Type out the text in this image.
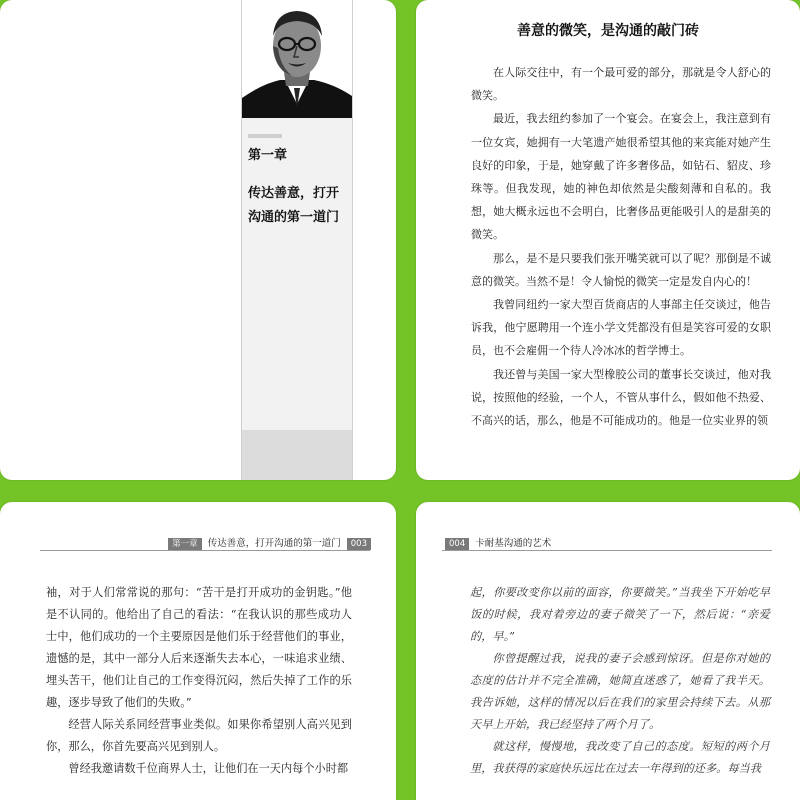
第一章
传达善意，打开沟通的第一道门
善意的微笑，是沟通的敲门砖

在人际交往中，有一个最可爱的部分，那就是令人舒心的微笑。

最近，我去纽约参加了一个宴会。在宴会上，我注意到有一位女宾，她拥有一大笔遗产她很希望其他的来宾能对她产生良好的印象，于是，她穿戴了许多奢侈品，如钻石、貂皮、珍珠等。但我发现，她的神色却依然是尖酸刻薄和自私的。我想，她大概永远也不会明白，比奢侈品更能吸引人的是甜美的微笑。

那么，是不是只要我们张开嘴笑就可以了呢？那倒是不诚意的微笑。当然不是！令人愉悦的微笑一定是发自内心的！

我曾同纽约一家大型百货商店的人事部主任交谈过，他告诉我，他宁愿聘用一个连小学文凭都没有但是笑容可爱的女职员，也不会雇佣一个待人冷冰冰的哲学博士。

我还曾与美国一家大型橡胶公司的董事长交谈过，他对我说，按照他的经验，一个人，不管从事什么，假如他不热爱、不高兴的话，那么，他是不可能成功的。他是一位实业界的领

第一章 传达善意，打开沟通的第一道门 003

袖，对于人们常常说的那句：“苦干是打开成功的金钥匙。”他是不认同的。他给出了自己的看法：“在我认识的那些成功人士中，他们成功的一个主要原因是他们乐于经营他们的事业，遗憾的是，其中一部分人后来逐渐失去本心，一味追求业绩、埋头苦干，他们让自己的工作变得沉闷，然后失掉了工作的乐趣，逐步导致了他们的失败。”

经营人际关系同经营事业类似。如果你希望别人高兴见到你，那么，你首先要高兴见到别人。

曾经我邀请数千位商界人士，让他们在一天内每个小时都

004 卡耐基沟通的艺术

起，你要改变你以前的面容，你要微笑。”当我坐下开始吃早饭的时候，我对着旁边的妻子微笑了一下，然后说：“亲爱的，早。”

你曾提醒过我，说我的妻子会感到惊讶。但是你对她的态度的估计并不完全准确，她简直迷惑了，她看了我半天。我告诉她，这样的情况以后在我们的家里会持续下去。从那天早上开始，我已经坚持了两个月了。

就这样，慢慢地，我改变了自己的态度。短短的两个月里，我获得的家庭快乐远比在过去一年得到的还多。每当我
